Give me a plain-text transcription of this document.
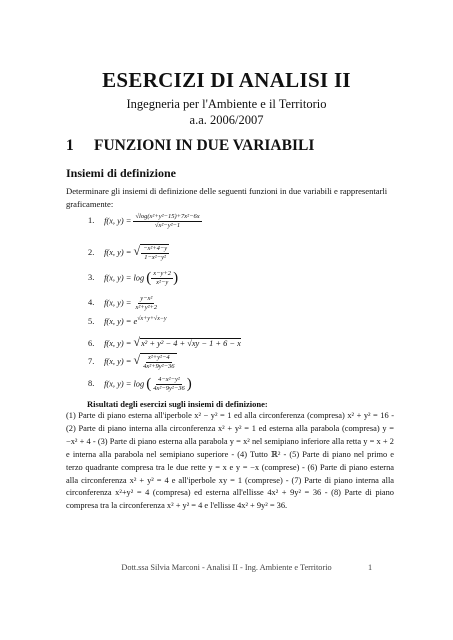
ESERCIZI DI ANALISI II
Ingegneria per l'Ambiente e il Territorio
a.a. 2006/2007
1 FUNZIONI IN DUE VARIABILI
Insiemi di definizione
Determinare gli insiemi di definizione delle seguenti funzioni in due variabili e rappresentarli graficamente:
1. f(x, $y) = \frac{\text{√log(x²+y²−15)+7x²−6x}}{\text{√x²−y²−1}}$
2. f(x, y) = √ $\frac{\text{−x²+4−y}}{\text{1−x²−y²}}$
3. f(x, y) = log ( $\frac{x-y+2}{\text{x²−y}}$ )
4. f(x, $y) = \frac{\text{y−x²}}{\text{x²+y²+2}}$
5. f(x, $y) = e^{√x+y+√x-y}$
6. f(x, y) = √x² + y² − 4 + √xy − 1 + 6 − x
7. f(x, y) = √ $\frac{\text{x²+y²−4}}{\text{4x²+9y²−36}}$
8. f(x, y) = log ( $\frac{\text{4−x²−y²}}{\text{4x²−9y²−36}}$ )
Risultati degli esercizi sugli insiemi di definizione:
(1) Parte di piano esterna all'iperbole x² − y² = 1 ed alla circonferenza (compresa) x² + y² = 16 - (2) Parte di piano interna alla circonferenza x² + y² = 1 ed esterna alla parabola (compresa) y = −x² + 4 - (3) Parte di piano esterna alla parabola y = x² nel semipiano inferiore alla retta y = x + 2 e interna alla parabola nel semipiano superiore - (4) Tutto ℝ² - (5) Parte di piano nel primo e terzo quadrante compresa tra le due rette y = x e y = −x (comprese) - (6) Parte di piano esterna alla circonferenza x² + y² = 4 e all'iperbole xy = 1 (comprese) - (7) Parte di piano interna alla circonferenza x²+y² = 4 (compresa) ed esterna all'ellisse 4x² + 9y² = 36 - (8) Parte di piano compresa tra la circonferenza x² + y² = 4 e l'ellisse 4x² + 9y² = 36.
Dott.ssa Silvia Marconi - Analisi II - Ing. Ambiente e Territorio	1
